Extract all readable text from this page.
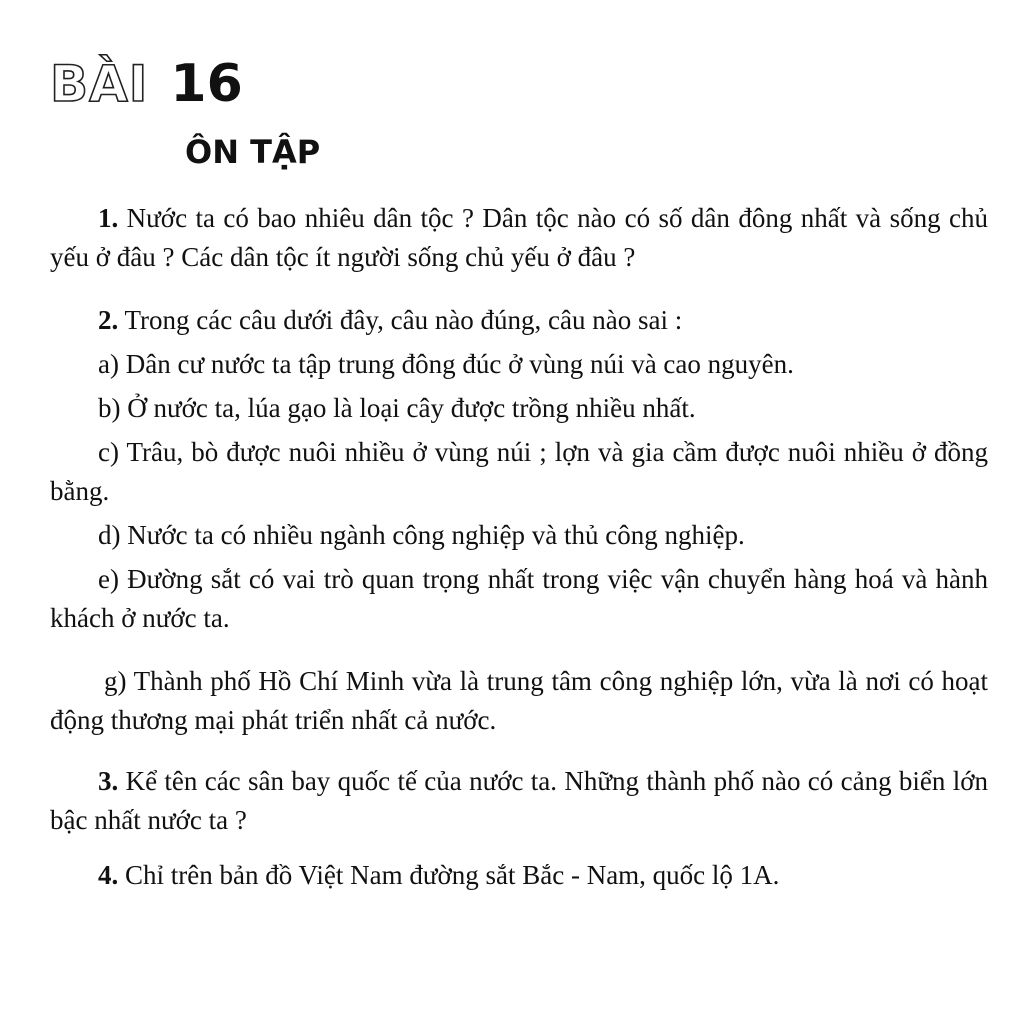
BÀI 16
ÔN TẬP

1. Nước ta có bao nhiêu dân tộc ? Dân tộc nào có số dân đông nhất và sống chủ yếu ở đâu ? Các dân tộc ít người sống chủ yếu ở đâu ?

2. Trong các câu dưới đây, câu nào đúng, câu nào sai :

a) Dân cư nước ta tập trung đông đúc ở vùng núi và cao nguyên.

b) Ở nước ta, lúa gạo là loại cây được trồng nhiều nhất.

c) Trâu, bò được nuôi nhiều ở vùng núi ; lợn và gia cầm được nuôi nhiều ở đồng bằng.

d) Nước ta có nhiều ngành công nghiệp và thủ công nghiệp.

e) Đường sắt có vai trò quan trọng nhất trong việc vận chuyển hàng hoá và hành khách ở nước ta.

g) Thành phố Hồ Chí Minh vừa là trung tâm công nghiệp lớn, vừa là nơi có hoạt động thương mại phát triển nhất cả nước.

3. Kể tên các sân bay quốc tế của nước ta. Những thành phố nào có cảng biển lớn bậc nhất nước ta ?

4. Chỉ trên bản đồ Việt Nam đường sắt Bắc - Nam, quốc lộ 1A.
